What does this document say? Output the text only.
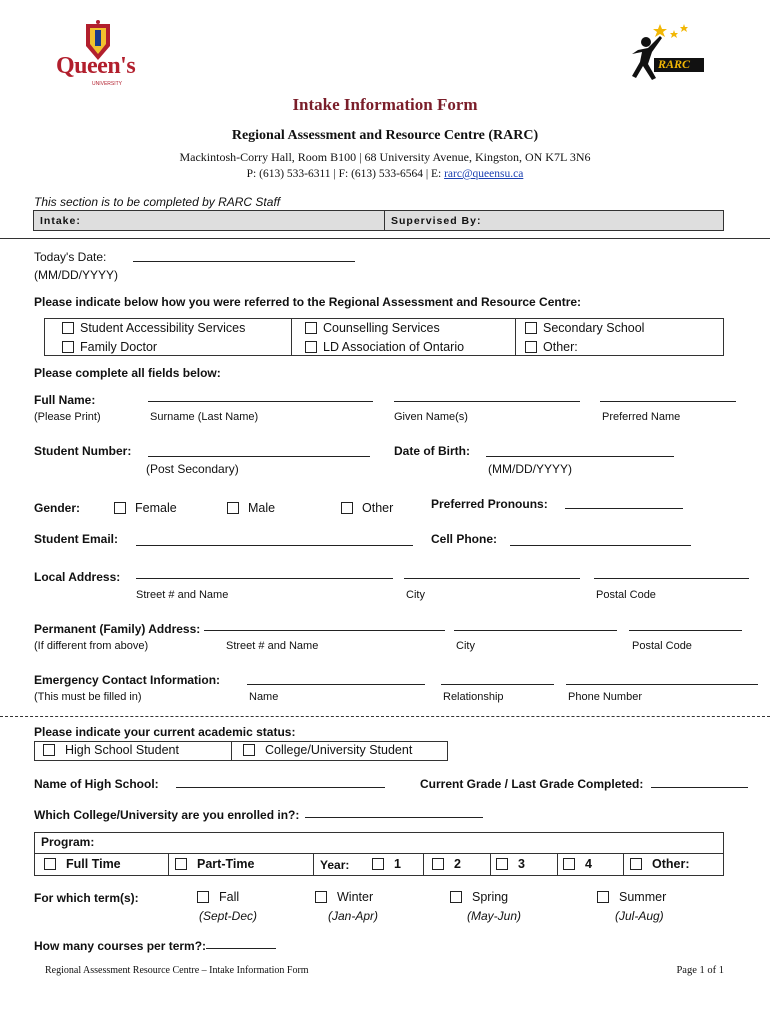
Queen's
UNIVERSITY
RARC
Intake Information Form
Regional Assessment and Resource Centre (RARC)
Mackintosh-Corry Hall, Room B100 | 68 University Avenue, Kingston, ON K7L 3N6
P: (613) 533-6311 | F: (613) 533-6564 | E: rarc@queensu.ca
This section is to be completed by RARC Staff
Intake:	Supervised By:
Today's Date:
(MM/DD/YYYY)
Please indicate below how you were referred to the Regional Assessment and Resource Centre:
Student Accessibility Services	Counselling Services	Secondary School
Family Doctor	LD Association of Ontario	Other:
Please complete all fields below:
Full Name:
(Please Print)	Surname (Last Name)	Given Name(s)	Preferred Name
Student Number:
(Post Secondary)
Date of Birth:
(MM/DD/YYYY)
Gender:	Female	Male	Other	Preferred Pronouns:
Student Email:	Cell Phone:
Local Address:
Street # and Name	City	Postal Code
Permanent (Family) Address:
(If different from above)	Street # and Name	City	Postal Code
Emergency Contact Information:
(This must be filled in)	Name	Relationship	Phone Number
Please indicate your current academic status:
High School Student	College/University Student
Name of High School:	Current Grade / Last Grade Completed:
Which College/University are you enrolled in?:
Program:
Full Time	Part-Time	Year:	1	2	3	4	Other:
For which term(s):	Fall
(Sept-Dec)
Winter
(Jan-Apr)
Spring
(May-Jun)
Summer
(Jul-Aug)
How many courses per term?:
Regional Assessment Resource Centre – Intake Information Form	Page 1 of 1
